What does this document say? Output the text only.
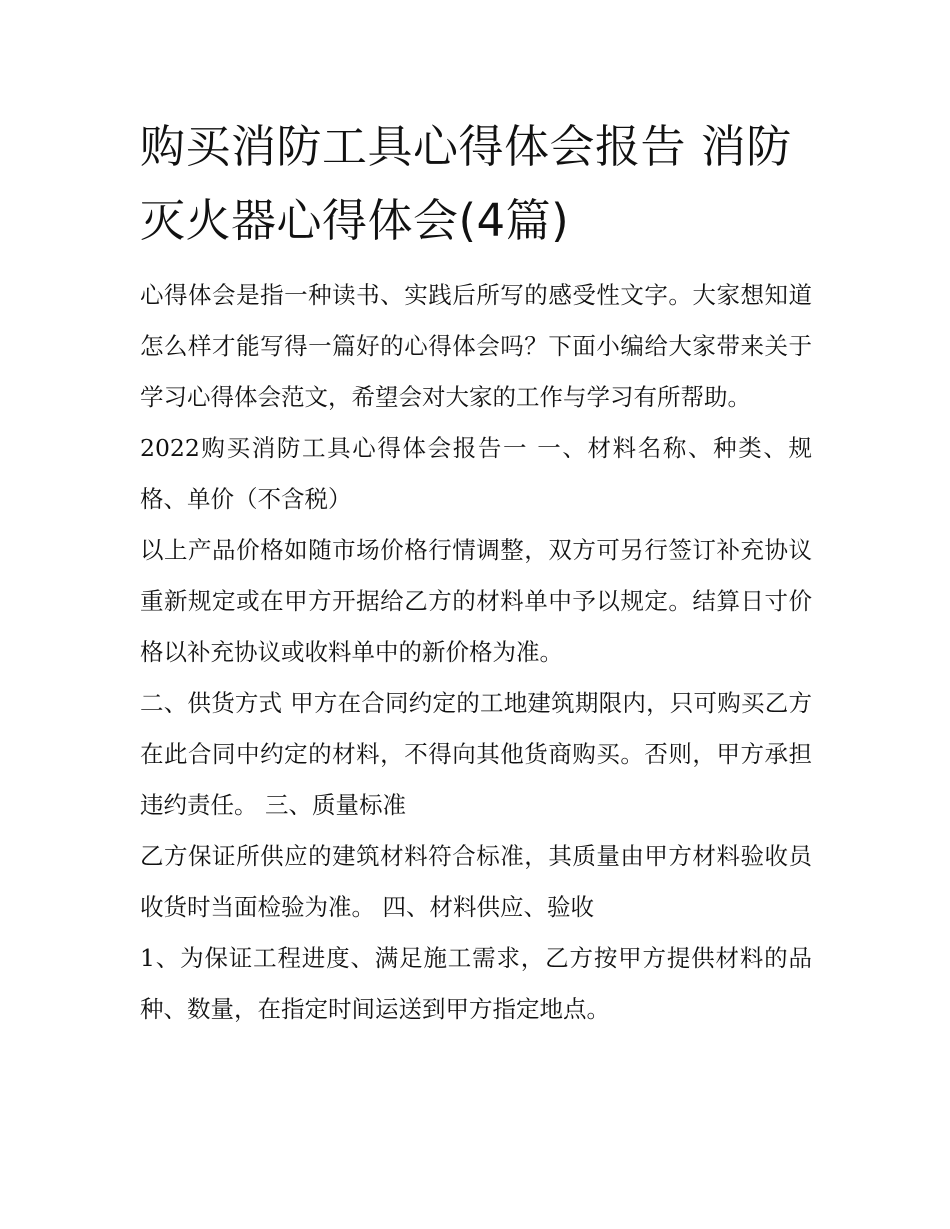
购买消防工具心得体会报告 消防灭火器心得体会(4篇)

心得体会是指一种读书、实践后所写的感受性文字。大家想知道怎么样才能写得一篇好的心得体会吗？下面小编给大家带来关于学习心得体会范文，希望会对大家的工作与学习有所帮助。

2022购买消防工具心得体会报告一 一、材料名称、种类、规格、单价（不含税）

以上产品价格如随市场价格行情调整，双方可另行签订补充协议重新规定或在甲方开据给乙方的材料单中予以规定。结算日寸价格以补充协议或收料单中的新价格为准。

二、供货方式 甲方在合同约定的工地建筑期限内，只可购买乙方在此合同中约定的材料，不得向其他货商购买。否则，甲方承担违约责任。 三、质量标准

乙方保证所供应的建筑材料符合标准，其质量由甲方材料验收员收货时当面检验为准。 四、材料供应、验收

1、为保证工程进度、满足施工需求，乙方按甲方提供材料的品种、数量，在指定时间运送到甲方指定地点。
